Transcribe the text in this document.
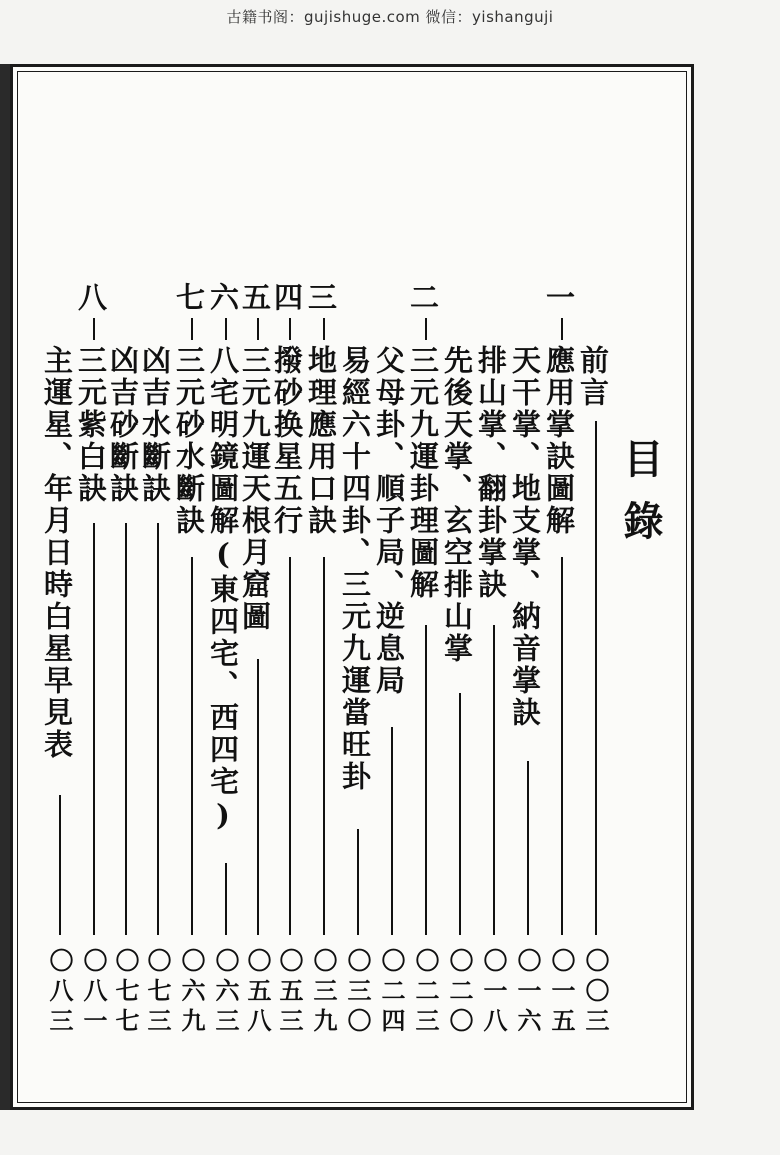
古籍书阁：gujishuge.com 微信：yishanguji
目錄
前言
〇〇三
一
應用掌訣圖解
〇一五
天干掌、地支掌、納音掌訣
〇一六
排山掌、翻卦掌訣
〇一八
先後天掌、玄空排山掌
〇二〇
二
三元九運卦理圖解
〇二三
父母卦、順子局、逆息局
〇二四
易經六十四卦、三元九運當旺卦
〇三〇
三
地理應用口訣
〇三九
四
撥砂换星五行
〇五三
五
三元九運天根月窟圖
〇五八
六
八宅明鏡圖解(東四宅、西四宅)
〇六三
七
三元砂水斷訣
〇六九
凶吉水斷訣
〇七三
凶吉砂斷訣
〇七七
八
三元紫白訣
〇八一
主運星、年月日時白星早見表
〇八三
